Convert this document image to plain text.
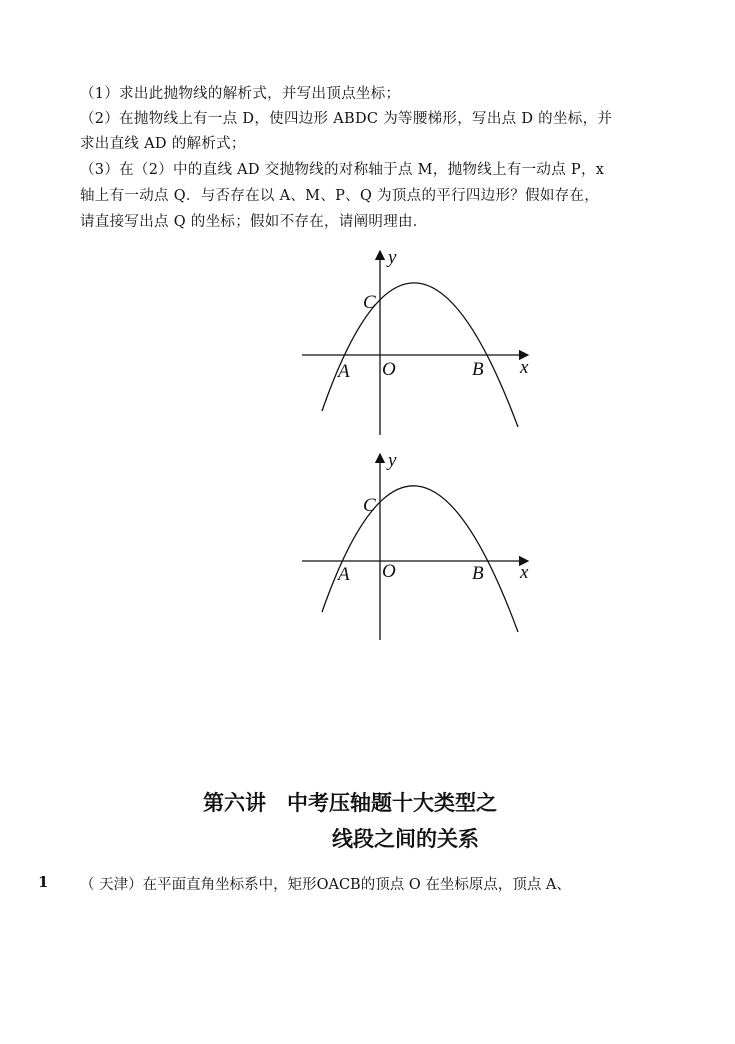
（1）求出此抛物线的解析式，并写出顶点坐标；
（2）在抛物线上有一点 D，使四边形 ABDC 为等腰梯形，写出点 D 的坐标，并
求出直线 AD 的解析式；
（3）在（2）中的直线 AD 交抛物线的对称轴于点 M，抛物线上有一动点 P，x
轴上有一动点 Q．与否存在以 A、M、P、Q 为顶点的平行四边形？假如存在，
请直接写出点 Q 的坐标；假如不存在，请阐明理由．
y
x
O
A	B
C
y
x
O
A	B
C
第六讲　中考压轴题十大类型之
线段之间的关系
1 （ 天津）在平面直角坐标系中，矩形OACB的顶点 O 在坐标原点，顶点 A、
